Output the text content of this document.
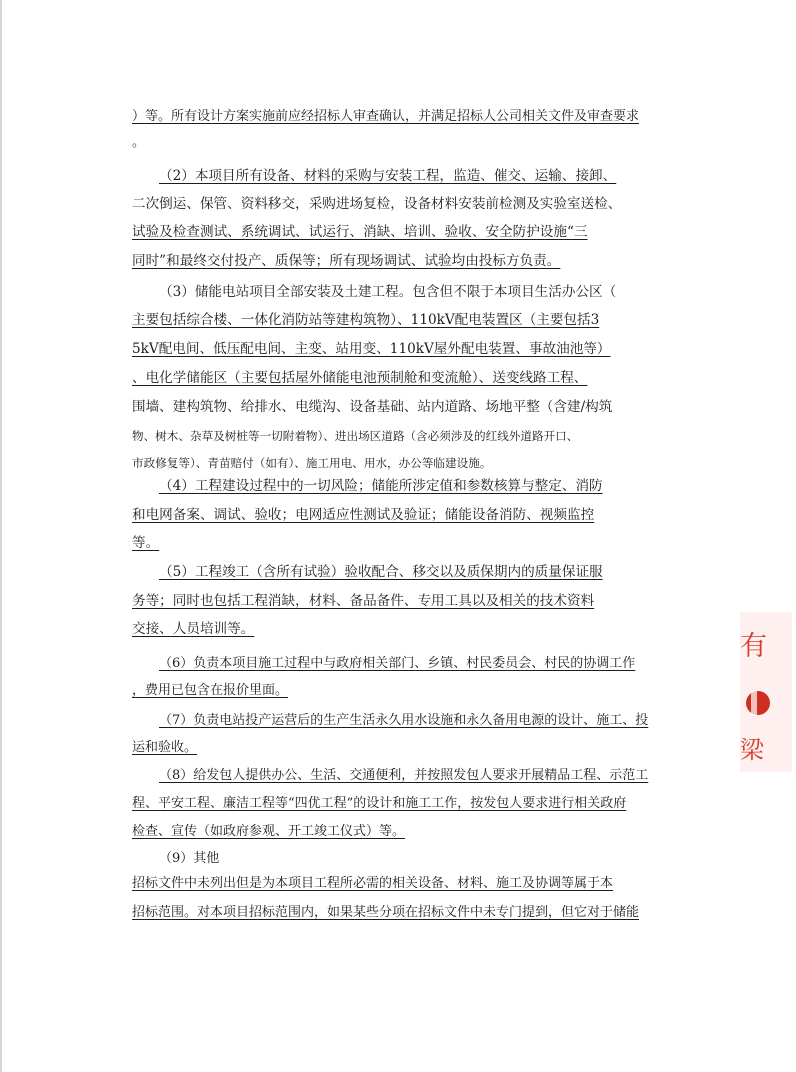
）等。所有设计方案实施前应经招标人审查确认，并满足招标人公司相关文件及审查要求
。
（2）本项目所有设备、材料的采购与安装工程，监造、催交、运输、接卸、
二次倒运、保管、资料移交，采购进场复检，设备材料安装前检测及实验室送检、
试验及检查测试、系统调试、试运行、消缺、培训、验收、安全防护设施“三
同时”和最终交付投产、质保等；所有现场调试、试验均由投标方负责。
（3）储能电站项目全部安装及土建工程。包含但不限于本项目生活办公区（
主要包括综合楼、一体化消防站等建构筑物）、110kV配电装置区（主要包括3
5kV配电间、低压配电间、主变、站用变、110kV屋外配电装置、事故油池等）
、电化学储能区（主要包括屋外储能电池预制舱和变流舱）、送变线路工程、
围墙、建构筑物、给排水、电缆沟、设备基础、站内道路、场地平整（含建/构筑
物、树木、杂草及树桩等一切附着物）、进出场区道路（含必须涉及的红线外道路开口、
市政修复等）、青苗赔付（如有）、施工用电、用水，办公等临建设施。
（4）工程建设过程中的一切风险；储能所涉定值和参数核算与整定、消防
和电网备案、调试、验收；电网适应性测试及验证；储能设备消防、视频监控
等。
（5）工程竣工（含所有试验）验收配合、移交以及质保期内的质量保证服
务等；同时也包括工程消缺，材料、备品备件、专用工具以及相关的技术资料
交接、人员培训等。
（6）负责本项目施工过程中与政府相关部门、乡镇、村民委员会、村民的协调工作
，费用已包含在报价里面。
（7）负责电站投产运营后的生产生活永久用水设施和永久备用电源的设计、施工、投
运和验收。
（8）给发包人提供办公、生活、交通便利，并按照发包人要求开展精品工程、示范工
程、平安工程、廉洁工程等“四优工程”的设计和施工工作，按发包人要求进行相关政府
检查、宣传（如政府参观、开工竣工仪式）等。
（9）其他
招标文件中未列出但是为本项目工程所必需的相关设备、材料、施工及协调等属于本
招标范围。对本项目招标范围内，如果某些分项在招标文件中未专门提到，但它对于储能
有
梁
